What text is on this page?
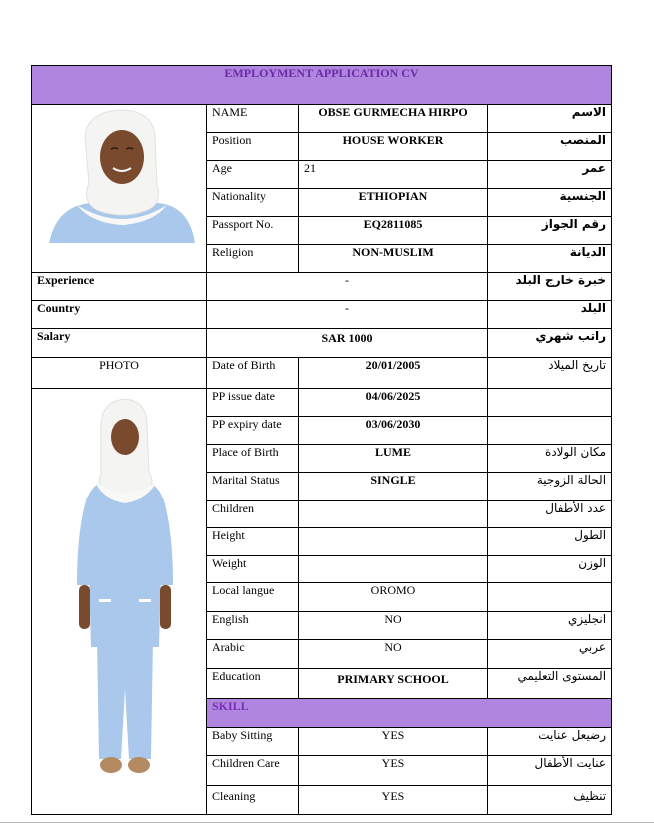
EMPLOYMENT APPLICATION CV			

	NAME	OBSE GURMECHA HIRPO	الاسم
	Position	HOUSE WORKER	المنصب
	Age	21	عمر
	Nationality	ETHIOPIAN	الجنسية
	Passport No.	EQ2811085	رقم الجواز
	Religion	NON-MUSLIM	الديانة
Experience	-		خبرة خارج البلد
Country	-		البلد
Salary	SAR 1000		راتب شهري
PHOTO	Date of Birth	20/01/2005	تاريخ الميلاد

	PP issue date	04/06/2025	
	PP expiry date	03/06/2030	
	Place of Birth	LUME	مكان الولادة
	Marital Status	SINGLE	الحالة الزوجية
	Children		عدد الأطفال
	Height		الطول
	Weight		الوزن
	Local langue	OROMO	
	English	NO	انجليزي
	Arabic	NO	عربي
	Education	PRIMARY SCHOOL	المستوى التعليمي
	SKILL		
	Baby Sitting	YES	رضيعل عنايت
	Children Care	YES	عنايت الأطفال
	Cleaning	YES	تنظيف
